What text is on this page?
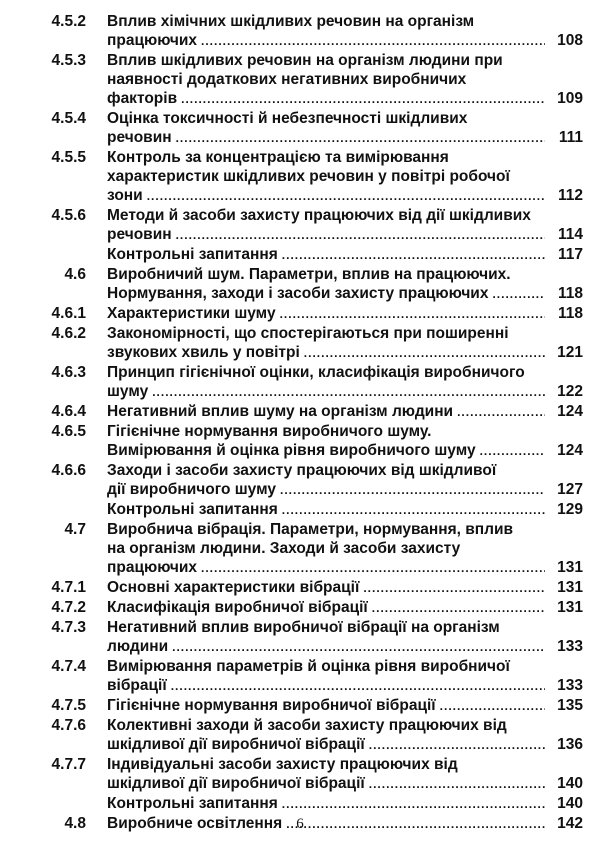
4.5.2 Вплив хімічних шкідливих речовин на організм
працюючих .....	108
4.5.3 Вплив шкідливих речовин на організм людини при
наявності додаткових негативних виробничих
факторів .....	109
4.5.4 Оцінка токсичності й небезпечності шкідливих
речовин .....	111
4.5.5 Контроль за концентрацією та вимірювання
характеристик шкідливих речовин у повітрі робочої
зони .....	112
4.5.6 Методи й засоби захисту працюючих від дії шкідливих
речовин .....	114
Контрольні запитання .....	117
4.6 Виробничий шум. Параметри, вплив на працюючих.
Нормування, заходи і засоби захисту працюючих .....	118
4.6.1 Характеристики шуму .....	118
4.6.2 Закономірності, що спостерігаються при поширенні
звукових хвиль у повітрі .....	121
4.6.3 Принцип гігієнічної оцінки, класифікація виробничого
шуму .....	122
4.6.4 Негативний вплив шуму на організм людини .....	124
4.6.5 Гігієнічне нормування виробничого шуму.
Вимірювання й оцінка рівня виробничого шуму .....	124
4.6.6 Заходи і засоби захисту працюючих від шкідливої
дії виробничого шуму .....	127
Контрольні запитання .....	129
4.7 Виробнича вібрація. Параметри, нормування, вплив
на організм людини. Заходи й засоби захисту
працюючих .....	131
4.7.1 Основні характеристики вібрації .....	131
4.7.2 Класифікація виробничої вібрації .....	131
4.7.3 Негативний вплив виробничої вібрації на організм
людини .....	133
4.7.4 Вимірювання параметрів й оцінка рівня виробничої
вібрації .....	133
4.7.5 Гігієнічне нормування виробничої вібрації .....	135
4.7.6 Колективні заходи й засоби захисту працюючих від
шкідливої дії виробничої вібрації .....	136
4.7.7 Індивідуальні засоби захисту працюючих від
шкідливої дії виробничої вібрації .....	140
Контрольні запитання .....	140
4.8 Виробниче освітлення .....	142
6
